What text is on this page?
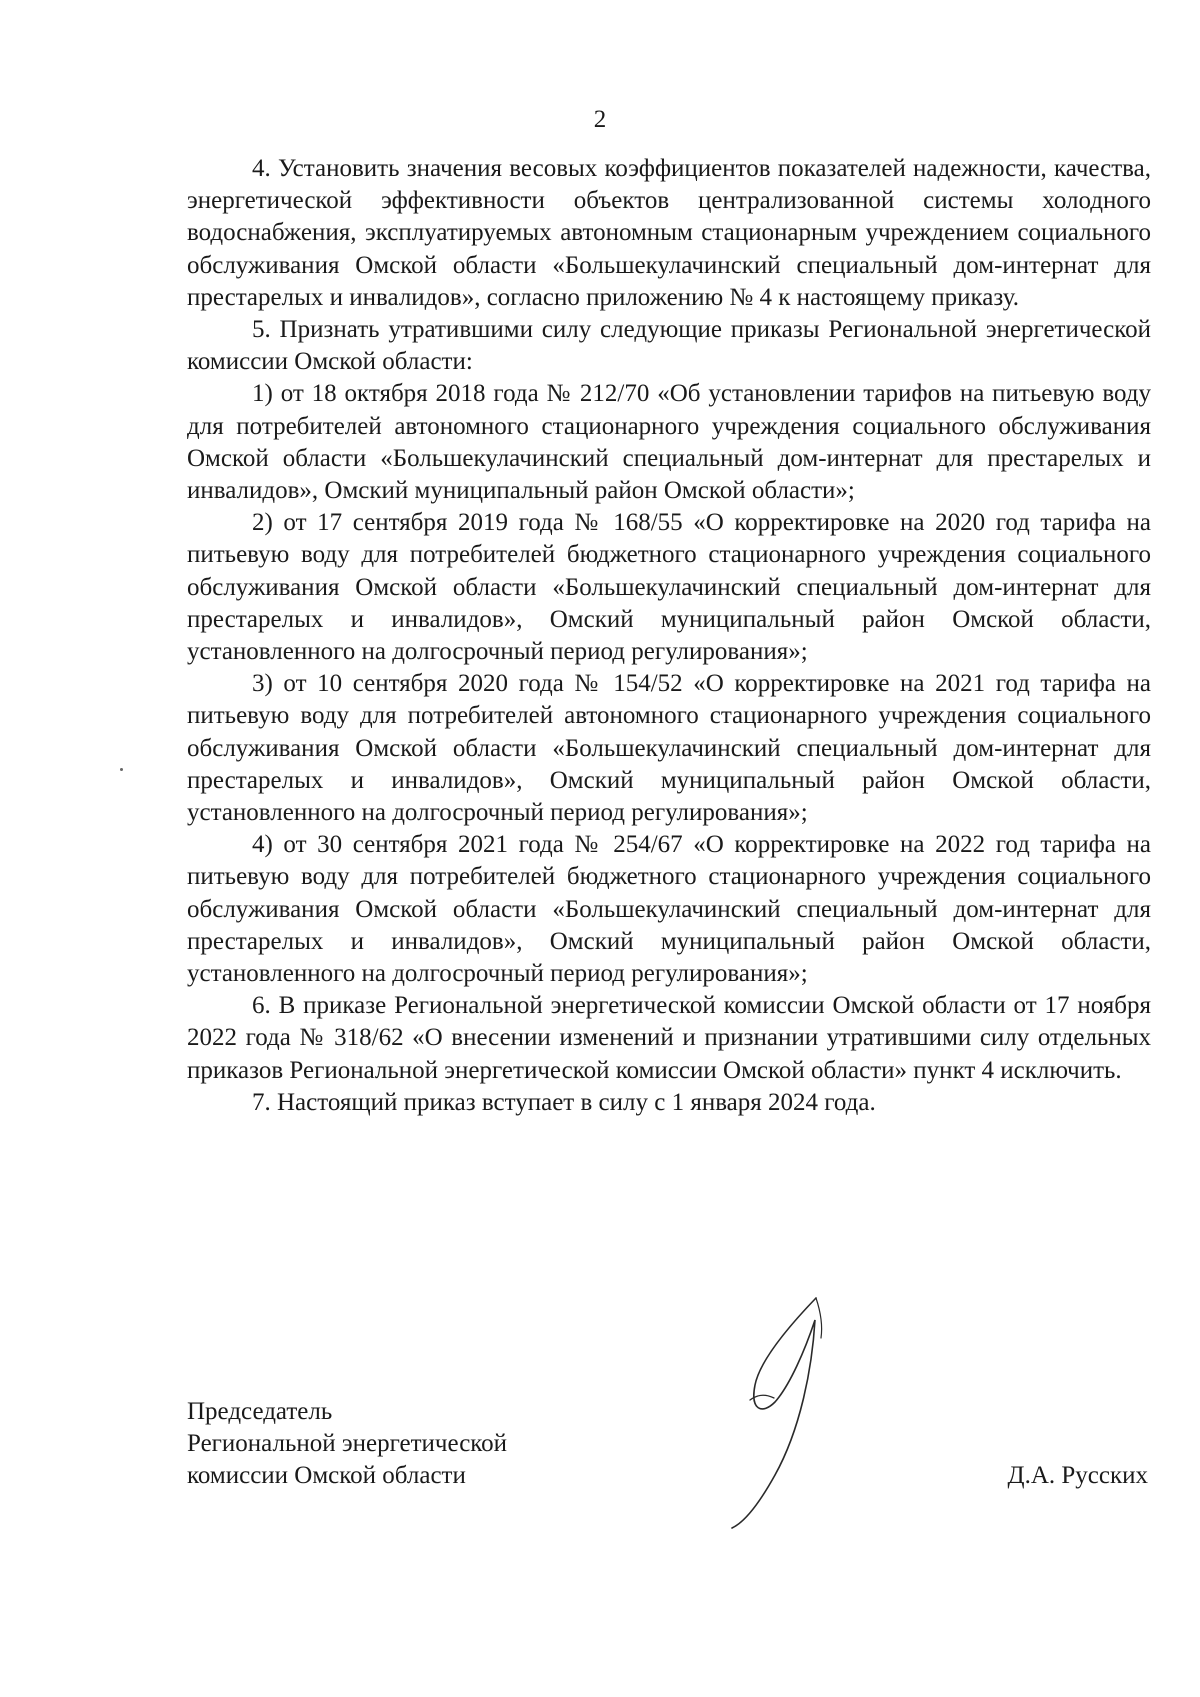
2

4. Установить значения весовых коэффициентов показателей надежности, качества, энергетической эффективности объектов централизованной системы холодного водоснабжения, эксплуатируемых автономным стационарным учреждением социального обслуживания Омской области «Большекулачинский специальный дом-интернат для престарелых и инвалидов», согласно приложению № 4 к настоящему приказу.

5. Признать утратившими силу следующие приказы Региональной энергетической комиссии Омской области:

1) от 18 октября 2018 года № 212/70 «Об установлении тарифов на питьевую воду для потребителей автономного стационарного учреждения социального обслуживания Омской области «Большекулачинский специальный дом-интернат для престарелых и инвалидов», Омский муниципальный район Омской области»;

2) от 17 сентября 2019 года № 168/55 «О корректировке на 2020 год тарифа на питьевую воду для потребителей бюджетного стационарного учреждения социального обслуживания Омской области «Большекулачинский специальный дом-интернат для престарелых и инвалидов», Омский муниципальный район Омской области, установленного на долгосрочный период регулирования»;

3) от 10 сентября 2020 года № 154/52 «О корректировке на 2021 год тарифа на питьевую воду для потребителей автономного стационарного учреждения социального обслуживания Омской области «Большекулачинский специальный дом-интернат для престарелых и инвалидов», Омский муниципальный район Омской области, установленного на долгосрочный период регулирования»;

4) от 30 сентября 2021 года № 254/67 «О корректировке на 2022 год тарифа на питьевую воду для потребителей бюджетного стационарного учреждения социального обслуживания Омской области «Большекулачинский специальный дом-интернат для престарелых и инвалидов», Омский муниципальный район Омской области, установленного на долгосрочный период регулирования»;

6. В приказе Региональной энергетической комиссии Омской области от 17 ноября 2022 года № 318/62 «О внесении изменений и признании утратившими силу отдельных приказов Региональной энергетической комиссии Омской области» пункт 4 исключить.

7. Настоящий приказ вступает в силу с 1 января 2024 года.

Председатель
Региональной энергетической
комиссии Омской области	Д.А. Русских
